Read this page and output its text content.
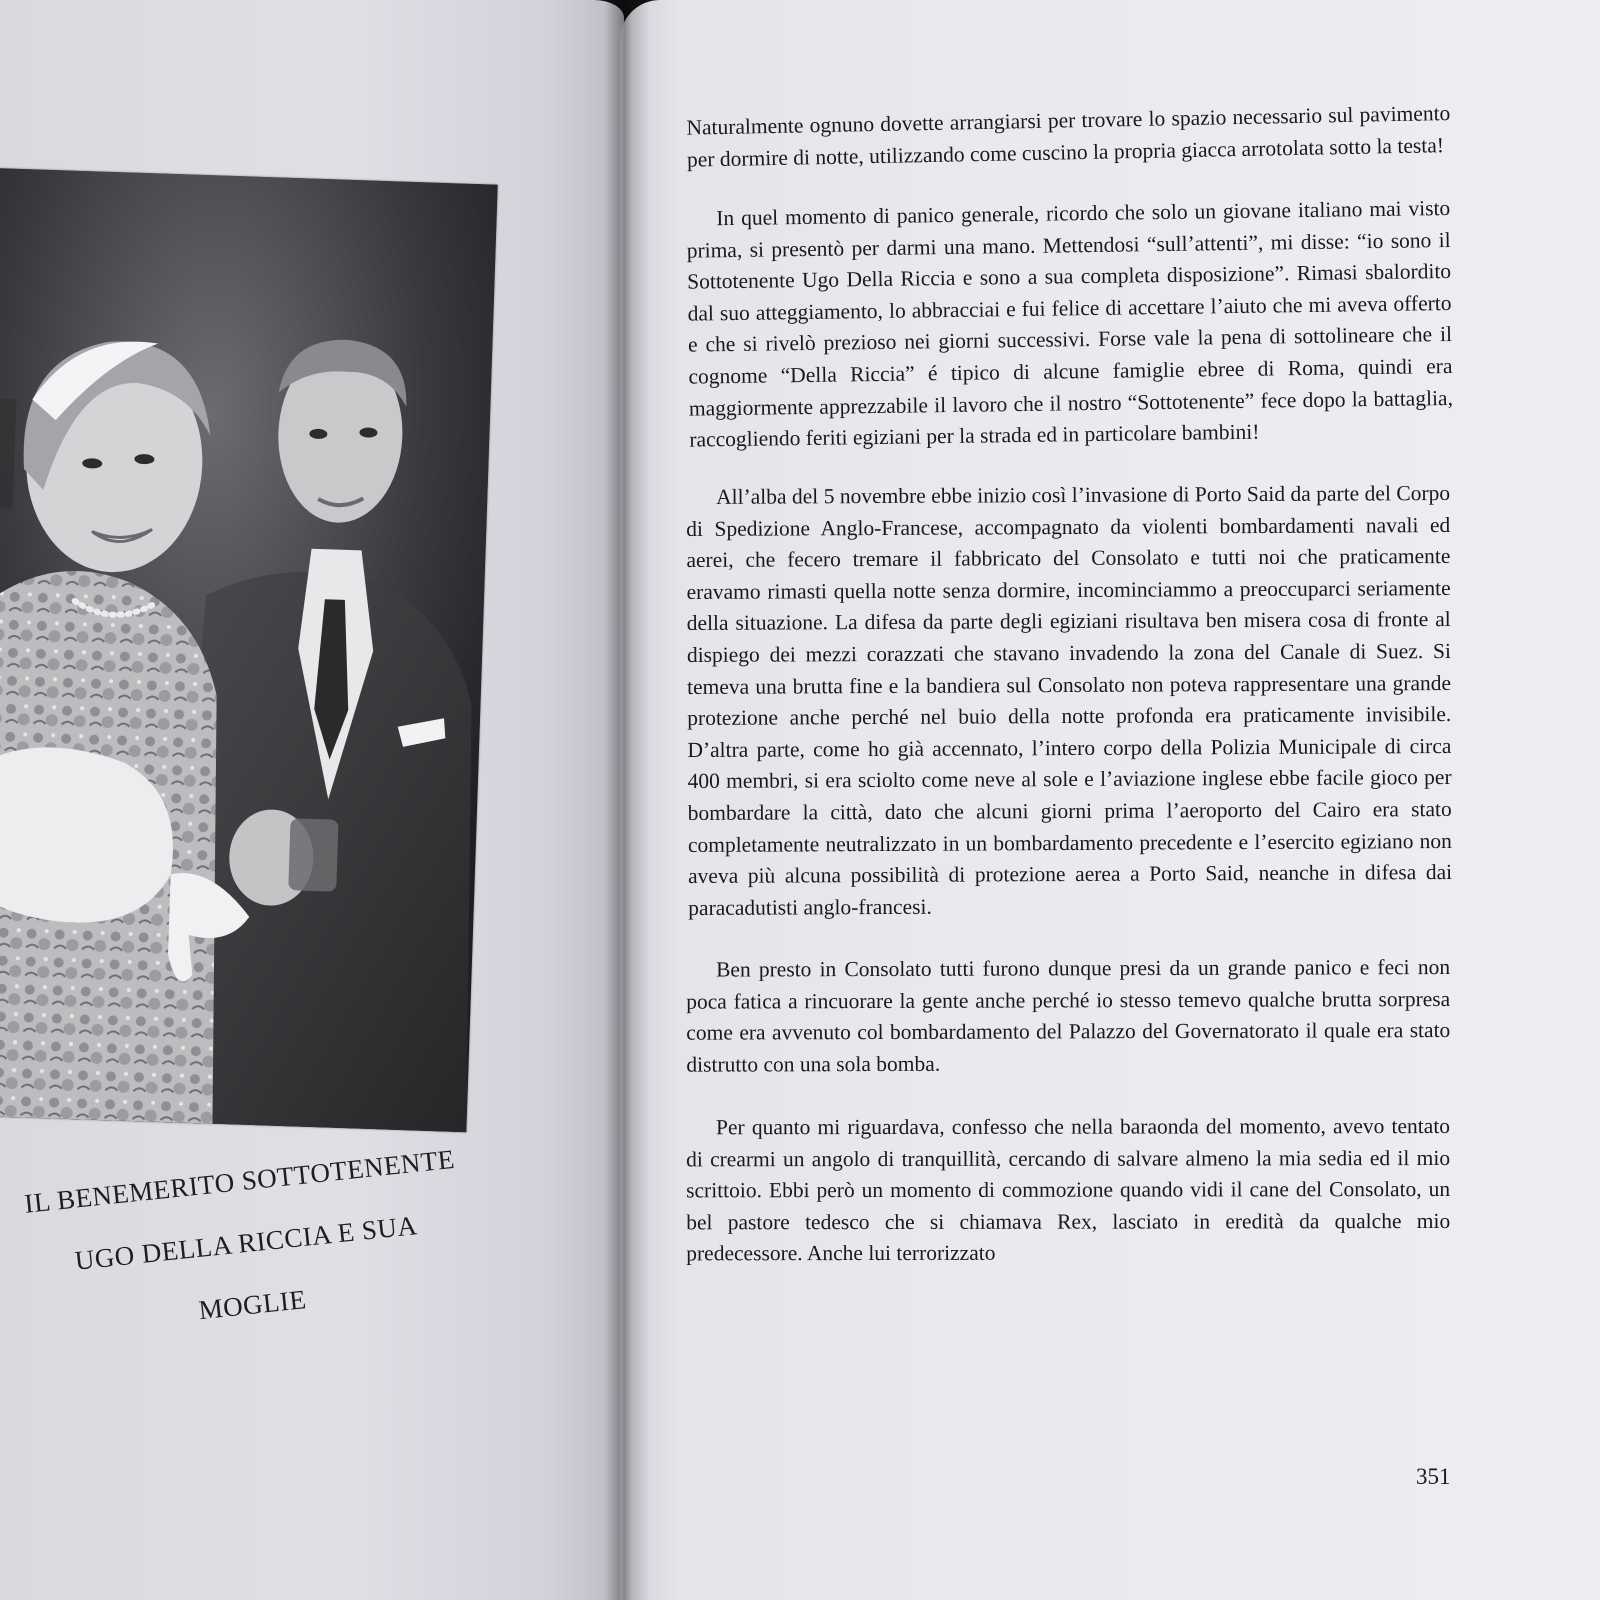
IL BENEMERITO SOTTOTENENTE
UGO DELLA RICCIA E SUA MOGLIE

Naturalmente ognuno dovette arrangiarsi per trovare lo spazio necessario sul pavimento per dormire di notte, utilizzando come cuscino la propria giacca arrotolata sotto la testa!

In quel momento di panico generale, ricordo che solo un giovane italiano mai visto prima, si presentò per darmi una mano. Mettendosi “sull’attenti”, mi disse: “io sono il Sottotenente Ugo Della Riccia e sono a sua completa disposizione”. Rimasi sbalordito dal suo atteggiamento, lo abbracciai e fui felice di accettare l’aiuto che mi aveva offerto e che si rivelò prezioso nei giorni successivi. Forse vale la pena di sottolineare che il cognome “Della Riccia” é tipico di alcune famiglie ebree di Roma, quindi era maggiormente apprezzabile il lavoro che il nostro “Sottotenente” fece dopo la battaglia, raccogliendo feriti egiziani per la strada ed in particolare bambini!

All’alba del 5 novembre ebbe inizio così l’invasione di Porto Said da parte del Corpo di Spedizione Anglo-Francese, accompagnato da violenti bombardamenti navali ed aerei, che fecero tremare il fabbricato del Consolato e tutti noi che praticamente eravamo rimasti quella notte senza dormire, incominciammo a preoccuparci seriamente della situazione. La difesa da parte degli egiziani risultava ben misera cosa di fronte al dispiego dei mezzi corazzati che stavano invadendo la zona del Canale di Suez. Si temeva una brutta fine e la bandiera sul Consolato non poteva rappresentare una grande protezione anche perché nel buio della notte profonda era praticamente invisibile. D’altra parte, come ho già accennato, l’intero corpo della Polizia Municipale di circa 400 membri, si era sciolto come neve al sole e l’aviazione inglese ebbe facile gioco per bombardare la città, dato che alcuni giorni prima l’aeroporto del Cairo era stato completamente neutralizzato in un bombardamento precedente e l’esercito egiziano non aveva più alcuna possibilità di protezione aerea a Porto Said, neanche in difesa dai paracadutisti anglo-francesi.

Ben presto in Consolato tutti furono dunque presi da un grande panico e feci non poca fatica a rincuorare la gente anche perché io stesso temevo qualche brutta sorpresa come era avvenuto col bombardamento del Palazzo del Governatorato il quale era stato distrutto con una sola bomba.

Per quanto mi riguardava, confesso che nella baraonda del momento, avevo tentato di crearmi un angolo di tranquillità, cercando di salvare almeno la mia sedia ed il mio scrittoio. Ebbi però un momento di commozione quando vidi il cane del Consolato, un bel pastore tedesco che si chiamava Rex, lasciato in eredità da qualche mio predecessore. Anche lui terrorizzato

351
